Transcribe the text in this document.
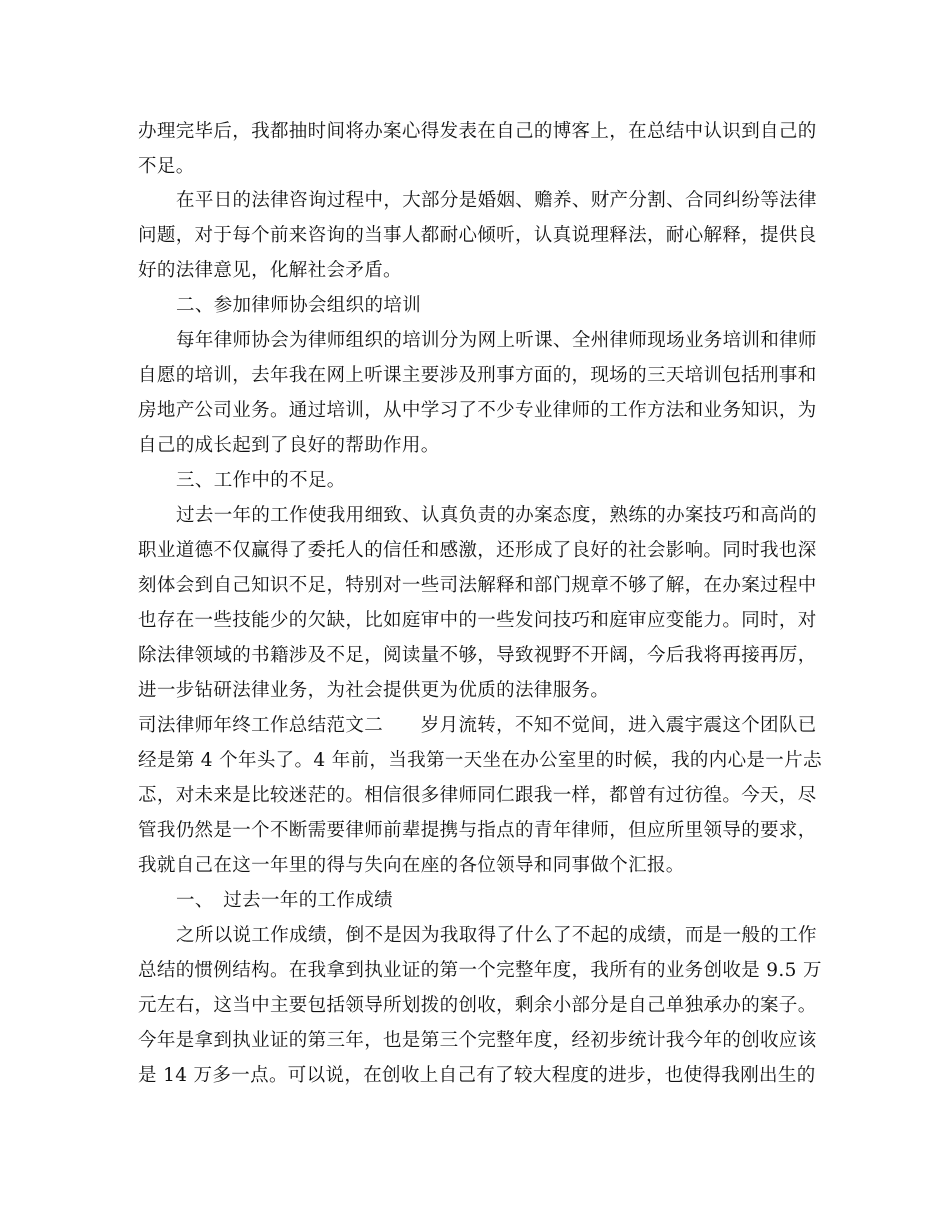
办理完毕后，我都抽时间将办案心得发表在自己的博客上，在总结中认识到自己的
不足。
在平日的法律咨询过程中，大部分是婚姻、赡养、财产分割、合同纠纷等法律
问题，对于每个前来咨询的当事人都耐心倾听，认真说理释法，耐心解释，提供良
好的法律意见，化解社会矛盾。
二、参加律师协会组织的培训
每年律师协会为律师组织的培训分为网上听课、全州律师现场业务培训和律师
自愿的培训，去年我在网上听课主要涉及刑事方面的，现场的三天培训包括刑事和
房地产公司业务。通过培训，从中学习了不少专业律师的工作方法和业务知识，为
自己的成长起到了良好的帮助作用。
三、工作中的不足。
过去一年的工作使我用细致、认真负责的办案态度，熟练的办案技巧和高尚的
职业道德不仅赢得了委托人的信任和感激，还形成了良好的社会影响。同时我也深
刻体会到自己知识不足，特别对一些司法解释和部门规章不够了解，在办案过程中
也存在一些技能少的欠缺，比如庭审中的一些发问技巧和庭审应变能力。同时，对
除法律领域的书籍涉及不足，阅读量不够，导致视野不开阔，今后我将再接再厉，
进一步钻研法律业务，为社会提供更为优质的法律服务。
司法律师年终工作总结范文二　　岁月流转，不知不觉间，进入震宇震这个团队已
经是第 4 个年头了。4 年前，当我第一天坐在办公室里的时候，我的内心是一片忐
忑，对未来是比较迷茫的。相信很多律师同仁跟我一样，都曾有过彷徨。今天，尽
管我仍然是一个不断需要律师前辈提携与指点的青年律师，但应所里领导的要求，
我就自己在这一年里的得与失向在座的各位领导和同事做个汇报。
一、　过去一年的工作成绩
之所以说工作成绩，倒不是因为我取得了什么了不起的成绩，而是一般的工作
总结的惯例结构。在我拿到执业证的第一个完整年度，我所有的业务创收是 9.5 万
元左右，这当中主要包括领导所划拨的创收，剩余小部分是自己单独承办的案子。
今年是拿到执业证的第三年，也是第三个完整年度，经初步统计我今年的创收应该
是 14 万多一点。可以说，在创收上自己有了较大程度的进步，也使得我刚出生的
